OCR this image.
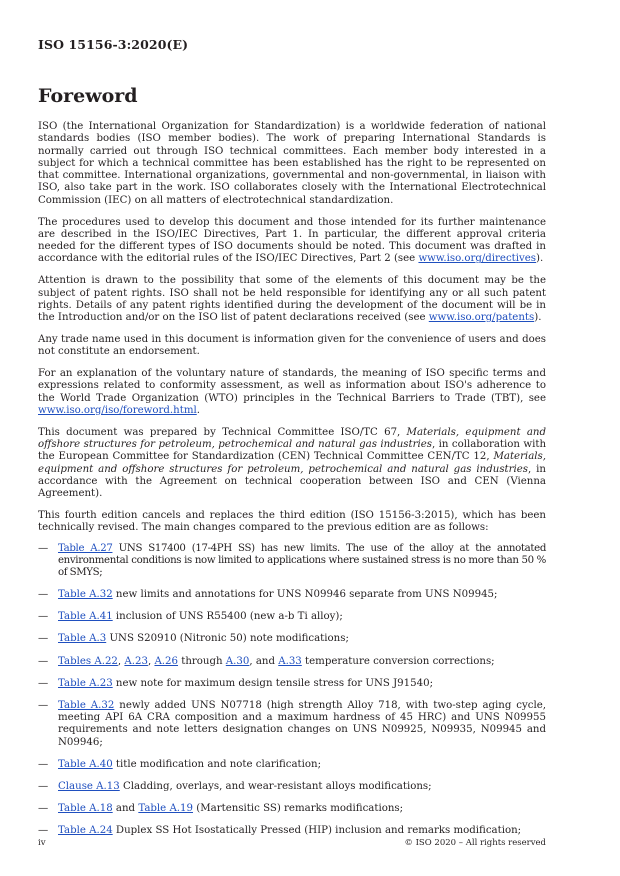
ISO 15156-3:2020(E)
Foreword

ISO (the International Organization for Standardization) is a worldwide federation of national standards bodies (ISO member bodies). The work of preparing International Standards is normally carried out through ISO technical committees. Each member body interested in a subject for which a technical committee has been established has the right to be represented on that committee. International organizations, governmental and non-governmental, in liaison with ISO, also take part in the work. ISO collaborates closely with the International Electrotechnical Commission (IEC) on all matters of electrotechnical standardization.

The procedures used to develop this document and those intended for its further maintenance are described in the ISO/IEC Directives, Part 1. In particular, the different approval criteria needed for the different types of ISO documents should be noted. This document was drafted in accordance with the editorial rules of the ISO/IEC Directives, Part 2 (see www.iso.org/directives).

Attention is drawn to the possibility that some of the elements of this document may be the subject of patent rights. ISO shall not be held responsible for identifying any or all such patent rights. Details of any patent rights identified during the development of the document will be in the Introduction and/or on the ISO list of patent declarations received (see www.iso.org/patents).

Any trade name used in this document is information given for the convenience of users and does not constitute an endorsement.

For an explanation of the voluntary nature of standards, the meaning of ISO specific terms and expressions related to conformity assessment, as well as information about ISO's adherence to the World Trade Organization (WTO) principles in the Technical Barriers to Trade (TBT), see www.iso.org/iso/foreword.html.

This document was prepared by Technical Committee ISO/TC 67, Materials, equipment and offshore structures for petroleum, petrochemical and natural gas industries, in collaboration with the European Committee for Standardization (CEN) Technical Committee CEN/TC 12, Materials, equipment and offshore structures for petroleum, petrochemical and natural gas industries, in accordance with the Agreement on technical cooperation between ISO and CEN (Vienna Agreement).

This fourth edition cancels and replaces the third edition (ISO 15156-3:2015), which has been technically revised. The main changes compared to the previous edition are as follows:

— Table A.27 UNS S17400 (17-4PH SS) has new limits. The use of the alloy at the annotated environmental conditions is now limited to applications where sustained stress is no more than 50 % of SMYS;
— Table A.32 new limits and annotations for UNS N09946 separate from UNS N09945;
— Table A.41 inclusion of UNS R55400 (new a-b Ti alloy);
— Table A.3 UNS S20910 (Nitronic 50) note modifications;
— Tables A.22, A.23, A.26 through A.30, and A.33 temperature conversion corrections;
— Table A.23 new note for maximum design tensile stress for UNS J91540;
— Table A.32 newly added UNS N07718 (high strength Alloy 718, with two-step aging cycle, meeting API 6A CRA composition and a maximum hardness of 45 HRC) and UNS N09955 requirements and note letters designation changes on UNS N09925, N09935, N09945 and N09946;
— Table A.40 title modification and note clarification;
— Clause A.13 Cladding, overlays, and wear-resistant alloys modifications;
— Table A.18 and Table A.19 (Martensitic SS) remarks modifications;
— Table A.24 Duplex SS Hot Isostatically Pressed (HIP) inclusion and remarks modification;
iv	© ISO 2020 – All rights reserved
